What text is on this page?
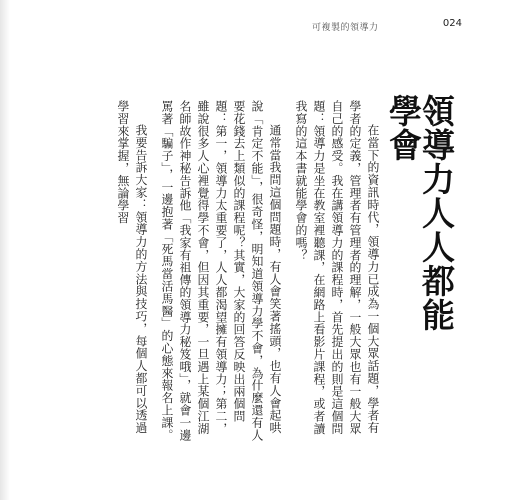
可複製的領導力	024
領導力人人都能學會

在當下的資訊時代，領導力已成為一個大眾話題，學者有學者的定義，管理者有管理者的理解，一般大眾也有一般大眾自己的感受。我在講領導力的課程時，首先提出的則是這個問題：領導力是坐在教室裡聽課，在網路上看影片課程，或者讀我寫的這本書就能學會的嗎？

通常當我問這個問題時，有人會笑著搖頭，也有人會起哄說「肯定不能」，很奇怪，明知道領導力學不會，為什麼還有人要花錢去上類似的課程呢？其實，大家的回答反映出兩個問題：第一，領導力太重要了，人人都渴望擁有領導力；第二，雖說很多人心裡覺得學不會，但因其重要，一旦遇上某個江湖名師故作神秘告訴他「我家有祖傳的領導力秘笈哦」，就會一邊罵著「騙子」，一邊抱著「死馬當活馬醫」的心態來報名上課。

我要告訴大家：領導力的方法與技巧，每個人都可以透過學習來掌握，無論學習
